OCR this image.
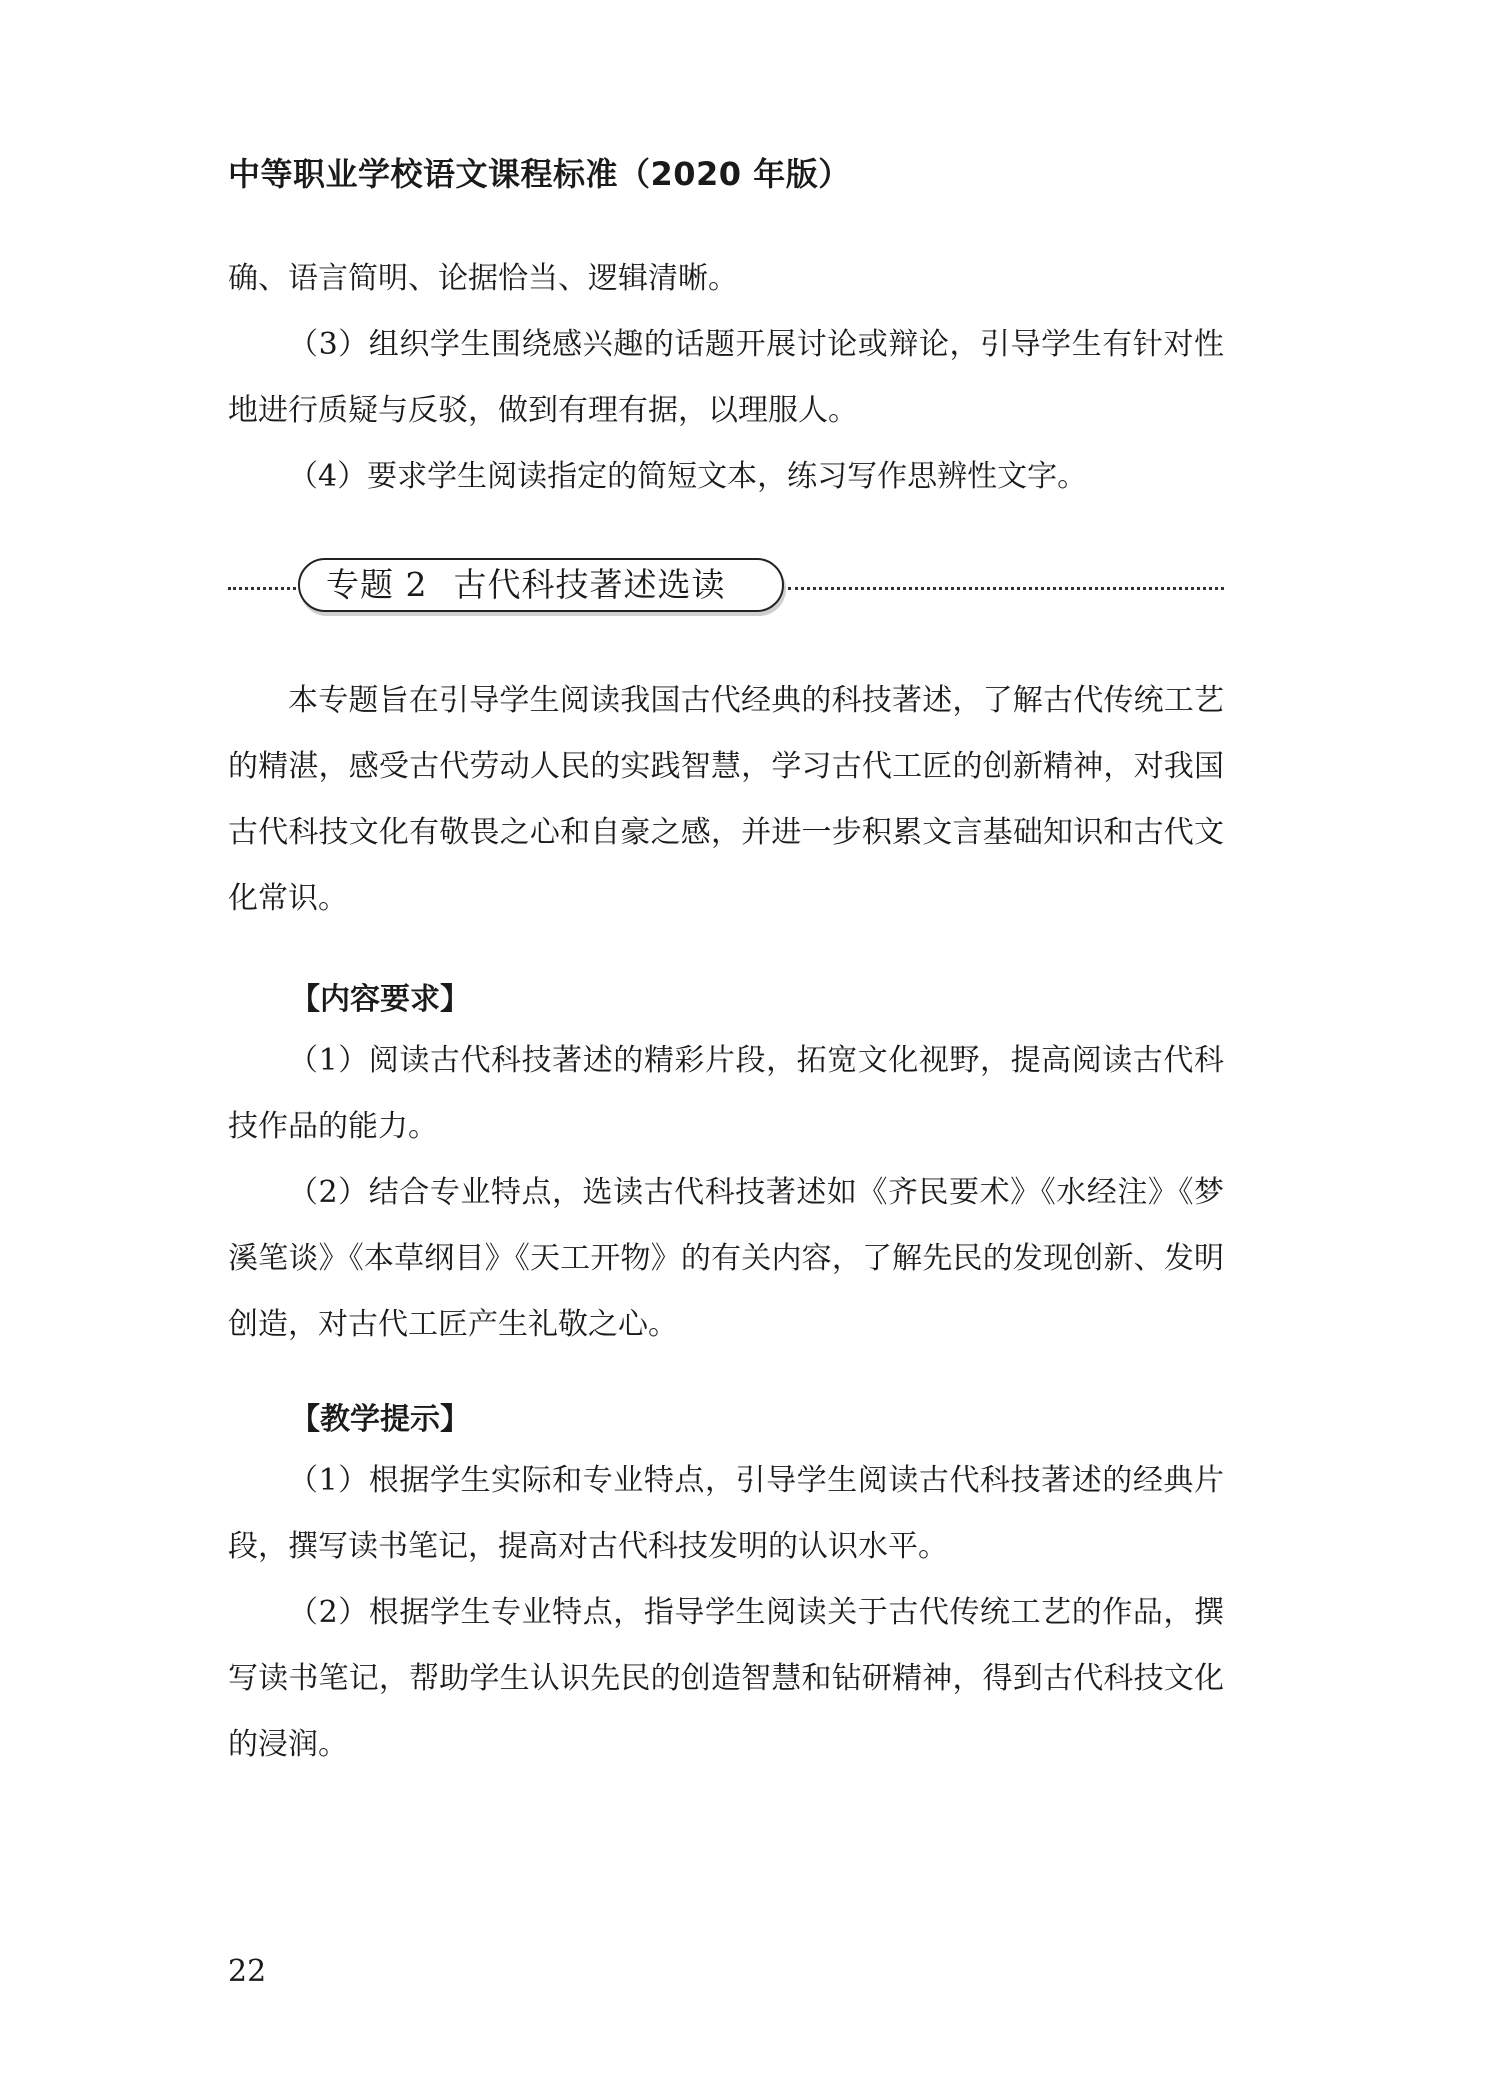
中等职业学校语文课程标准（2020 年版）

确、语言简明、论据恰当、逻辑清晰。

（3）组织学生围绕感兴趣的话题开展讨论或辩论，引导学生有针对性地进行质疑与反驳，做到有理有据，以理服人。

（4）要求学生阅读指定的简短文本，练习写作思辨性文字。

专题 2 古代科技著述选读

本专题旨在引导学生阅读我国古代经典的科技著述，了解古代传统工艺的精湛，感受古代劳动人民的实践智慧，学习古代工匠的创新精神，对我国古代科技文化有敬畏之心和自豪之感，并进一步积累文言基础知识和古代文化常识。

【内容要求】

（1）阅读古代科技著述的精彩片段，拓宽文化视野，提高阅读古代科技作品的能力。

（2）结合专业特点，选读古代科技著述如《齐民要术》《水经注》《梦溪笔谈》《本草纲目》《天工开物》的有关内容，了解先民的发现创新、发明创造，对古代工匠产生礼敬之心。

【教学提示】

（1）根据学生实际和专业特点，引导学生阅读古代科技著述的经典片段，撰写读书笔记，提高对古代科技发明的认识水平。

（2）根据学生专业特点，指导学生阅读关于古代传统工艺的作品，撰写读书笔记，帮助学生认识先民的创造智慧和钻研精神，得到古代科技文化的浸润。

22
